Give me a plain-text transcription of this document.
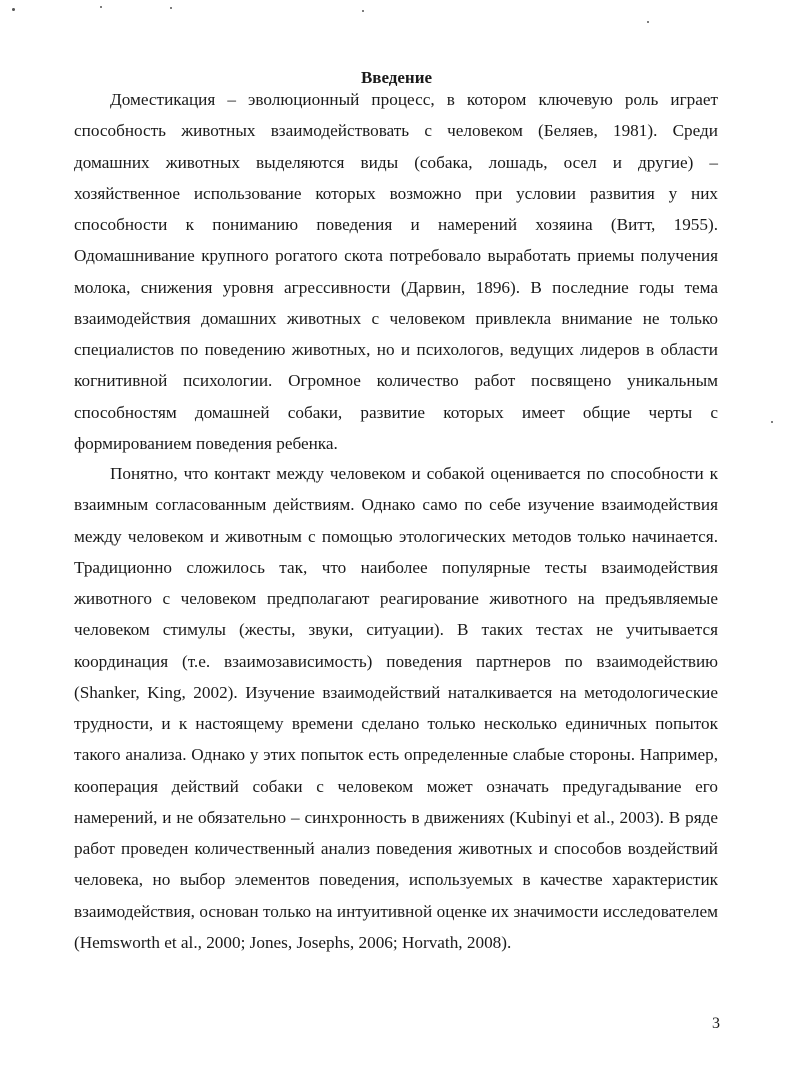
Введение

Доместикация – эволюционный процесс, в котором ключевую роль играет способность животных взаимодействовать с человеком (Беляев, 1981). Среди домашних животных выделяются виды (собака, лошадь, осел и другие) – хозяйственное использование которых возможно при условии развития у них способности к пониманию поведения и намерений хозяина (Витт, 1955). Одомашнивание крупного рогатого скота потребовало выработать приемы получения молока, снижения уровня агрессивности (Дарвин, 1896). В последние годы тема взаимодействия домашних животных с человеком привлекла внимание не только специалистов по поведению животных, но и психологов, ведущих лидеров в области когнитивной психологии. Огромное количество работ посвящено уникальным способностям домашней собаки, развитие которых имеет общие черты с формированием поведения ребенка.

Понятно, что контакт между человеком и собакой оценивается по способности к взаимным согласованным действиям. Однако само по себе изучение взаимодействия между человеком и животным с помощью этологических методов только начинается. Традиционно сложилось так, что наиболее популярные тесты взаимодействия животного с человеком предполагают реагирование животного на предъявляемые человеком стимулы (жесты, звуки, ситуации). В таких тестах не учитывается координация (т.е. взаимозависимость) поведения партнеров по взаимодействию (Shanker, King, 2002). Изучение взаимодействий наталкивается на методологические трудности, и к настоящему времени сделано только несколько единичных попыток такого анализа. Однако у этих попыток есть определенные слабые стороны. Например, кооперация действий собаки с человеком может означать предугадывание его намерений, и не обязательно – синхронность в движениях (Kubinyi et al., 2003). В ряде работ проведен количественный анализ поведения животных и способов воздействий человека, но выбор элементов поведения, используемых в качестве характеристик взаимодействия, основан только на интуитивной оценке их значимости исследователем (Hemsworth et al., 2000; Jones, Josephs, 2006; Horvath, 2008).

3
